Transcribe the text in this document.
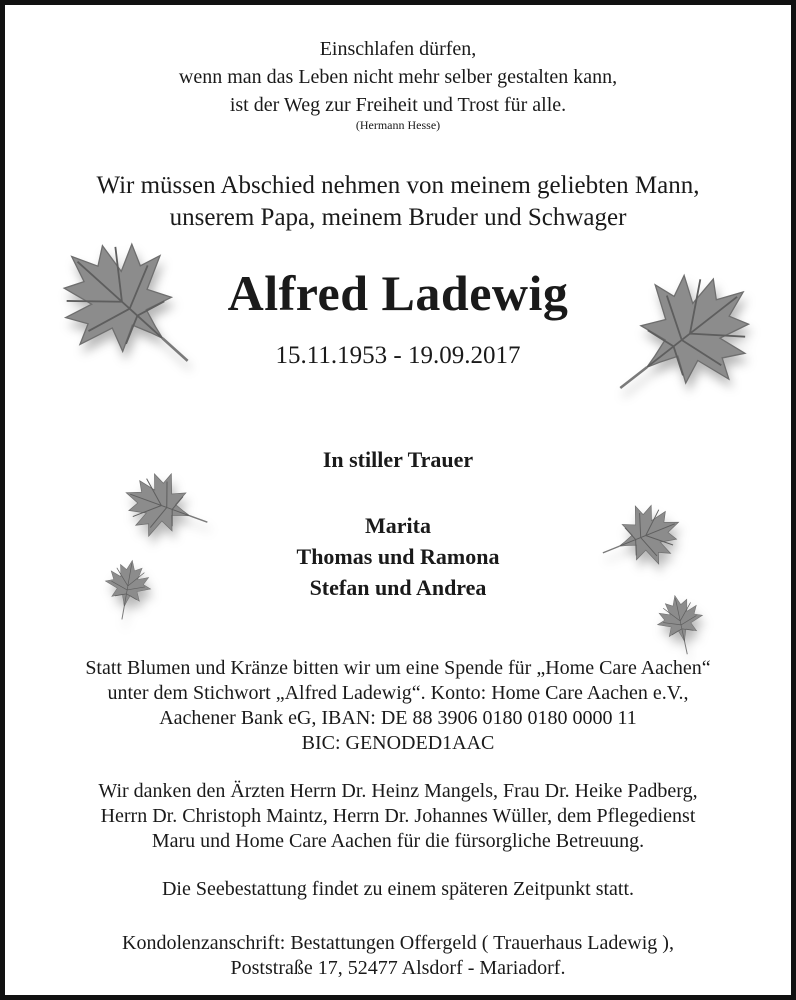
Einschlafen dürfen,
wenn man das Leben nicht mehr selber gestalten kann,
ist der Weg zur Freiheit und Trost für alle.
(Hermann Hesse)
Wir müssen Abschied nehmen von meinem geliebten Mann,
unserem Papa, meinem Bruder und Schwager
Alfred Ladewig
15.11.1953 - 19.09.2017
In stiller Trauer
Marita
Thomas und Ramona
Stefan und Andrea
Statt Blumen und Kränze bitten wir um eine Spende für „Home Care Aachen“
unter dem Stichwort „Alfred Ladewig“. Konto: Home Care Aachen e.V.,
Aachener Bank eG, IBAN: DE 88 3906 0180 0180 0000 11
BIC: GENODED1AAC
Wir danken den Ärzten Herrn Dr. Heinz Mangels, Frau Dr. Heike Padberg,
Herrn Dr. Christoph Maintz, Herrn Dr. Johannes Wüller, dem Pflegedienst
Maru und Home Care Aachen für die fürsorgliche Betreuung.
Die Seebestattung findet zu einem späteren Zeitpunkt statt.
Kondolenzanschrift: Bestattungen Offergeld ( Trauerhaus Ladewig ),
Poststraße 17, 52477 Alsdorf - Mariadorf.
